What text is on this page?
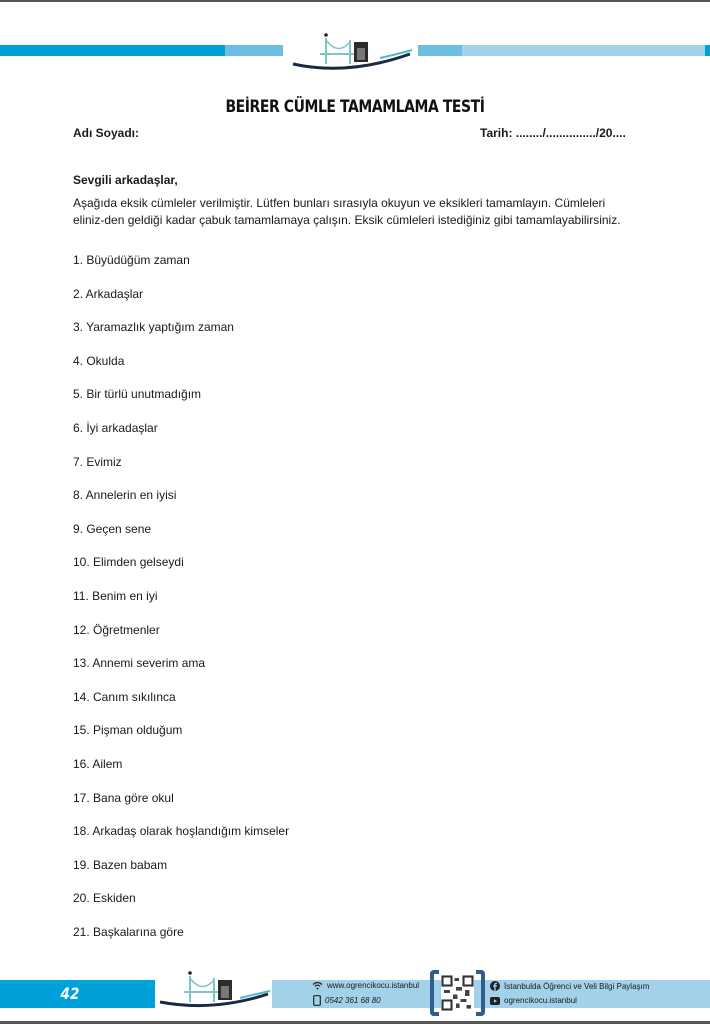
BEİRER CÜMLE TAMAMLAMA TESTİ
Adı Soyadı:	Tarih: ......../.............../20....
Sevgili arkadaşlar,
Aşağıda eksik cümleler verilmiştir. Lütfen bunları sırasıyla okuyun ve eksikleri tamamlayın. Cümleleri eliniz-den geldiği kadar çabuk tamamlamaya çalışın. Eksik cümleleri istediğiniz gibi tamamlayabilirsiniz.
1. Büyüdüğüm zaman
2. Arkadaşlar
3. Yaramazlık yaptığım zaman
4. Okulda
5. Bir türlü unutmadığım
6. İyi arkadaşlar
7. Evimiz
8. Annelerin en iyisi
9. Geçen sene
10. Elimden gelseydi
11. Benim en iyi
12. Öğretmenler
13. Annemi severim ama
14. Canım sıkılınca
15. Pişman olduğum
16. Ailem
17. Bana göre okul
18. Arkadaş olarak hoşlandığım kimseler
19. Bazen babam
20. Eskiden
21. Başkalarına göre
42	www.ogrencikocu.istanbul
0542 361 68 80
İstanbulda Öğrenci ve Veli Bilgi Paylaşım
ogrencikocu.istanbul
